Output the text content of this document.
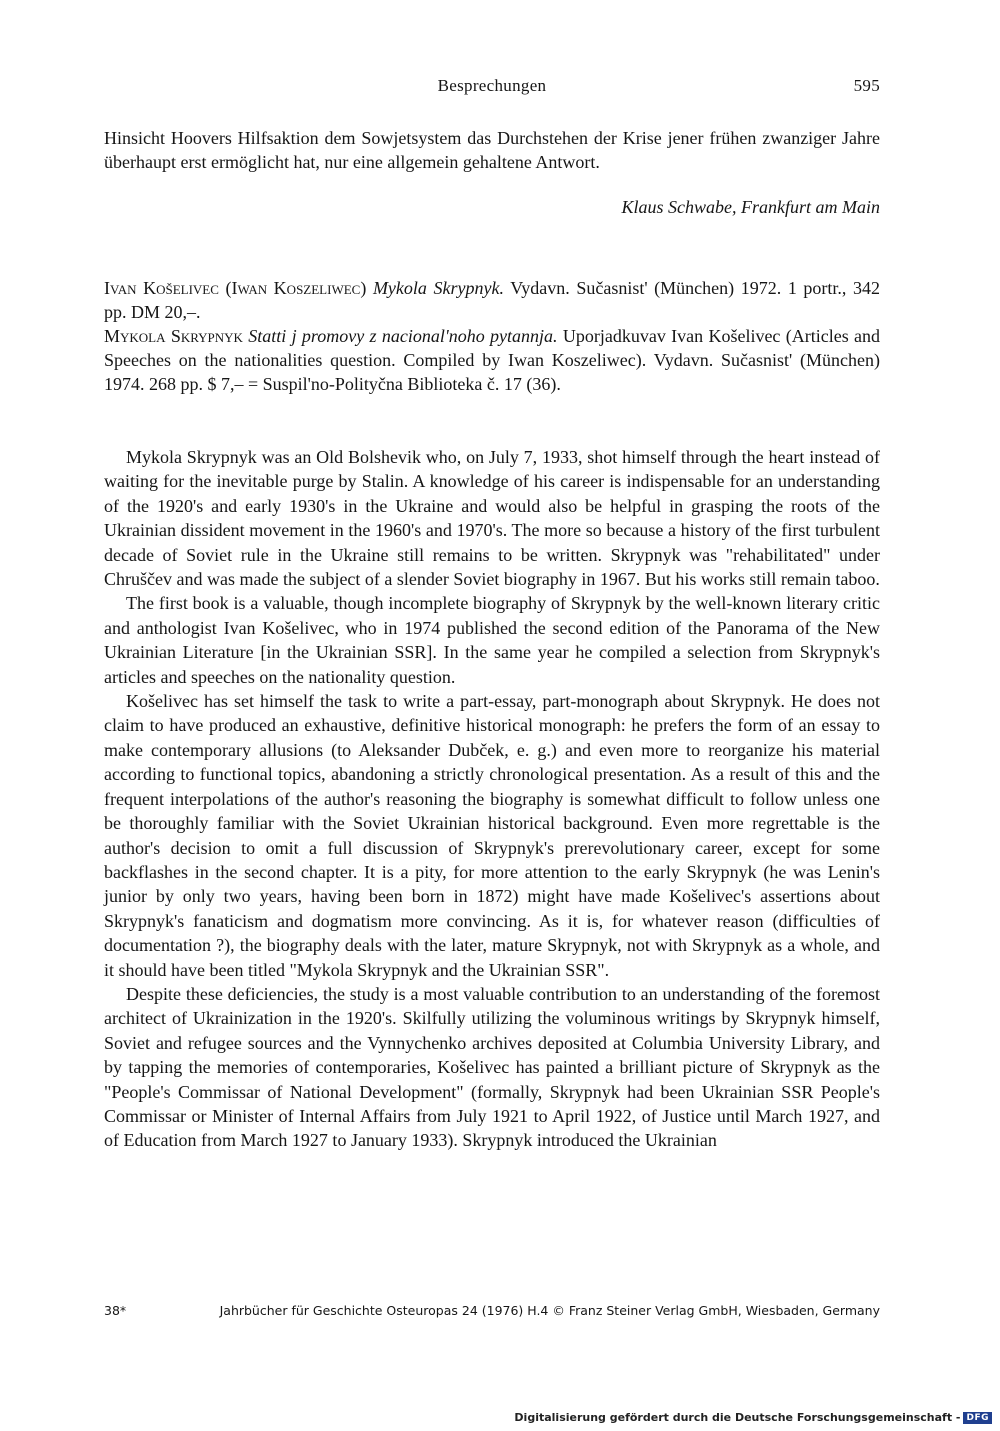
Besprechungen	595

Hinsicht Hoovers Hilfsaktion dem Sowjetsystem das Durchstehen der Krise jener frühen zwanziger Jahre überhaupt erst ermöglicht hat, nur eine allgemein gehaltene Antwort.

Klaus Schwabe, Frankfurt am Main

Ivan Košelivec (Iwan Koszeliwec) Mykola Skrypnyk. Vydavn. Sučasnist' (München) 1972. 1 portr., 342 pp. DM 20,–.

Mykola Skrypnyk Statti j promovy z nacional'noho pytannja. Uporjadkuvav Ivan Košelivec (Articles and Speeches on the nationalities question. Compiled by Iwan Koszeliwec). Vydavn. Sučasnist' (München) 1974. 268 pp. $ 7,– = Suspil'no-Polityčna Biblioteka č. 17 (36).

Mykola Skrypnyk was an Old Bolshevik who, on July 7, 1933, shot himself through the heart instead of waiting for the inevitable purge by Stalin. A knowledge of his career is indispensable for an understanding of the 1920's and early 1930's in the Ukraine and would also be helpful in grasping the roots of the Ukrainian dissident movement in the 1960's and 1970's. The more so because a history of the first turbulent decade of Soviet rule in the Ukraine still remains to be written. Skrypnyk was "rehabilitated" under Chruščev and was made the subject of a slender Soviet biography in 1967. But his works still remain taboo.

The first book is a valuable, though incomplete biography of Skrypnyk by the well-known literary critic and anthologist Ivan Košelivec, who in 1974 published the second edition of the Panorama of the New Ukrainian Literature [in the Ukrainian SSR]. In the same year he compiled a selection from Skrypnyk's articles and speeches on the nationality question.

Košelivec has set himself the task to write a part-essay, part-monograph about Skrypnyk. He does not claim to have produced an exhaustive, definitive historical monograph: he prefers the form of an essay to make contemporary allusions (to Aleksander Dubček, e. g.) and even more to reorganize his material according to functional topics, abandoning a strictly chronological presentation. As a result of this and the frequent interpolations of the author's reasoning the biography is somewhat difficult to follow unless one be thoroughly familiar with the Soviet Ukrainian historical background. Even more regrettable is the author's decision to omit a full discussion of Skrypnyk's prerevolutionary career, except for some backflashes in the second chapter. It is a pity, for more attention to the early Skrypnyk (he was Lenin's junior by only two years, having been born in 1872) might have made Košelivec's assertions about Skrypnyk's fanaticism and dogmatism more convincing. As it is, for whatever reason (difficulties of documentation ?), the biography deals with the later, mature Skrypnyk, not with Skrypnyk as a whole, and it should have been titled "Mykola Skrypnyk and the Ukrainian SSR".

Despite these deficiencies, the study is a most valuable contribution to an understanding of the foremost architect of Ukrainization in the 1920's. Skilfully utilizing the voluminous writings by Skrypnyk himself, Soviet and refugee sources and the Vynnychenko archives deposited at Columbia University Library, and by tapping the memories of contemporaries, Košelivec has painted a brilliant picture of Skrypnyk as the "People's Commissar of National Development" (formally, Skrypnyk had been Ukrainian SSR People's Commissar or Minister of Internal Affairs from July 1921 to April 1922, of Justice until March 1927, and of Education from March 1927 to January 1933). Skrypnyk introduced the Ukrainian

38*	Jahrbücher für Geschichte Osteuropas 24 (1976) H.4 © Franz Steiner Verlag GmbH, Wiesbaden, Germany
Digitalisierung gefördert durch die Deutsche Forschungsgemeinschaft - DFG
